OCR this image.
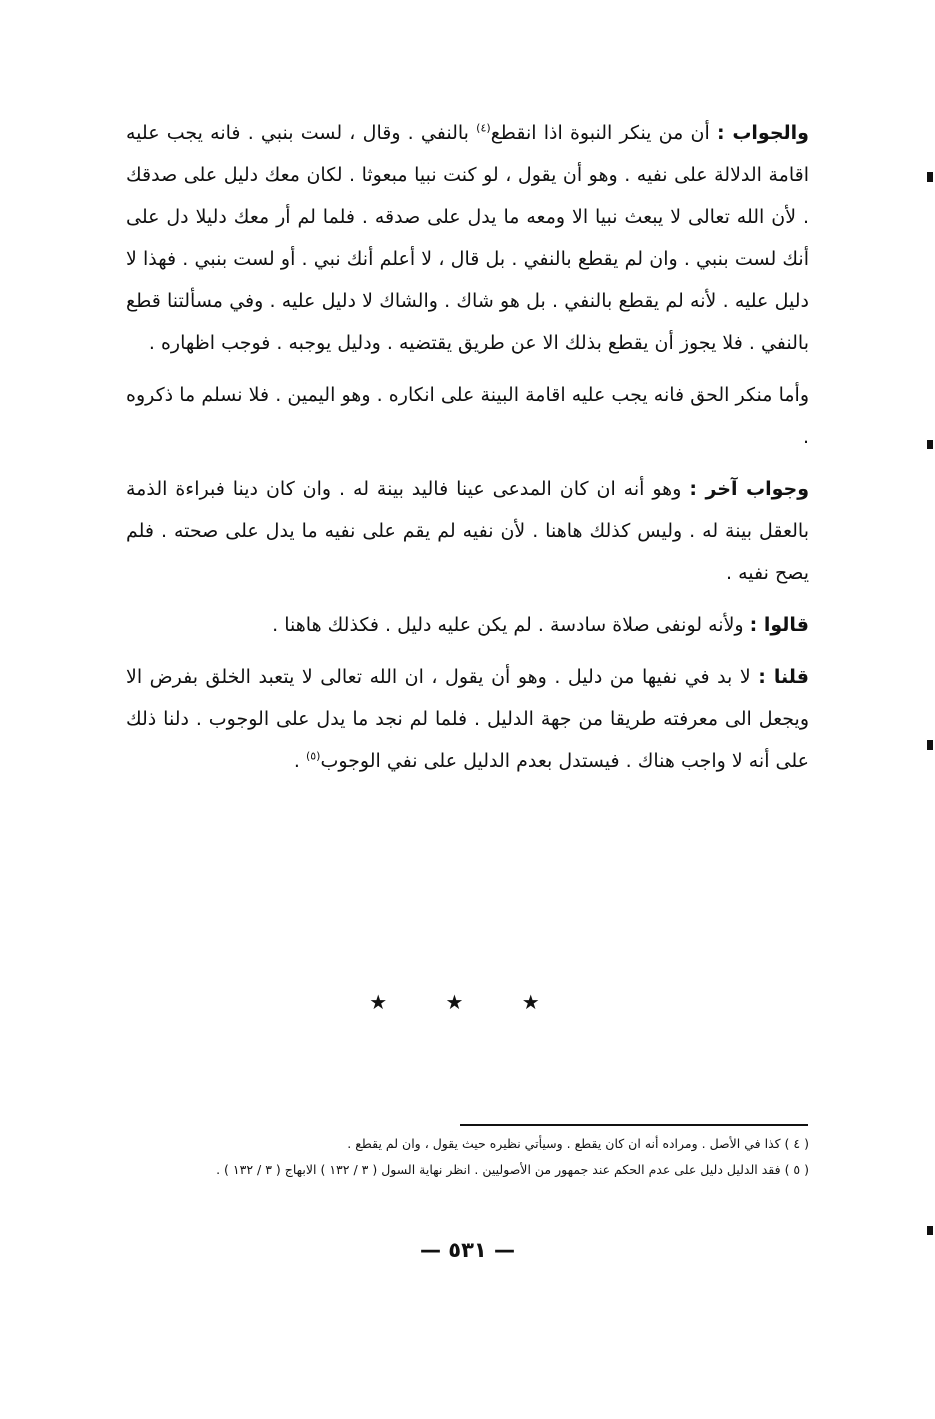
والجواب : أن من ينكر النبوة اذا انقطع$^{(٤)}$ بالنفي . وقال ، لست بنبي . فانه يجب عليه اقامة الدلالة على نفيه . وهو أن يقول ، لو كنت نبيا مبعوثا . لكان معك دليل على صدقك . لأن الله تعالى لا يبعث نبيا الا ومعه ما يدل على صدقه . فلما لم أر معك دليلا دل على أنك لست بنبي . وان لم يقطع بالنفي . بل قال ، لا أعلم أنك نبي . أو لست بنبي . فهذا لا دليل عليه . لأنه لم يقطع بالنفي . بل هو شاك . والشاك لا دليل عليه . وفي مسألتنا قطع بالنفي . فلا يجوز أن يقطع بذلك الا عن طريق يقتضيه . ودليل يوجبه . فوجب اظهاره .

وأما منكر الحق فانه يجب عليه اقامة البينة على انكاره . وهو اليمين . فلا نسلم ما ذكروه .

وجواب آخر : وهو أنه ان كان المدعى عينا فاليد بينة له . وان كان دينا فبراءة الذمة بالعقل بينة له . وليس كذلك هاهنا . لأن نفيه لم يقم على نفيه ما يدل على صحته . فلم يصح نفيه .

قالوا : ولأنه لونفى صلاة سادسة . لم يكن عليه دليل . فكذلك هاهنا .

قلنا : لا بد في نفيها من دليل . وهو أن يقول ، ان الله تعالى لا يتعبد الخلق بفرض الا ويجعل الى معرفته طريقا من جهة الدليل . فلما لم نجد ما يدل على الوجوب . دلنا ذلك على أنه لا واجب هناك . فيستدل بعدم الدليل على نفي الوجوب$^{(٥)}$ .

★ ★ ★

( ٤ ) كذا في الأصل . ومراده أنه ان كان يقطع . وسيأتي نظيره حيث يقول ، وان لم يقطع .

( ٥ ) فقد الدليل دليل على عدم الحكم عند جمهور من الأصوليين . انظر نهاية السول ( ٣ / ١٣٢ ) الابهاج ( ٣ / ١٣٢ ) .

— ٥٣١ —
